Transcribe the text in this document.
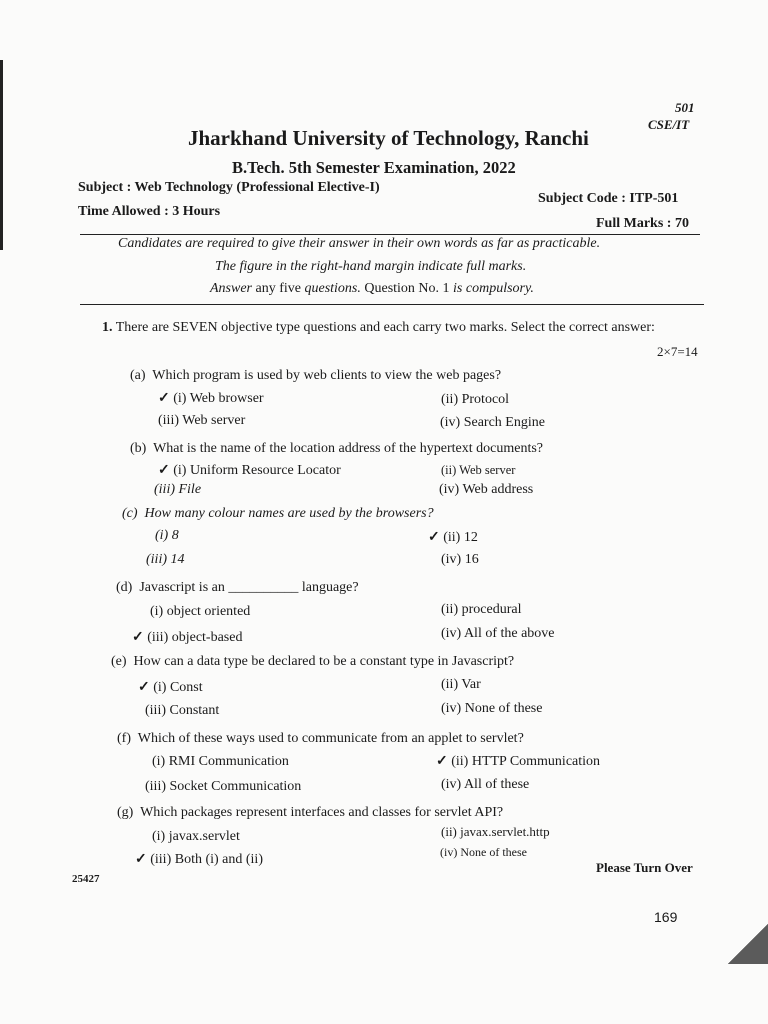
501
CSE/IT
Jharkhand University of Technology, Ranchi
B.Tech. 5th Semester Examination, 2022
Subject : Web Technology (Professional Elective-I)
Subject Code : ITP-501
Time Allowed : 3 Hours
Full Marks : 70
Candidates are required to give their answer in their own words as far as practicable.
The figure in the right-hand margin indicate full marks.
Answer any five questions. Question No. 1 is compulsory.
1. There are SEVEN objective type questions and each carry two marks. Select the correct answer:
2×7=14
(a) Which program is used by web clients to view the web pages?
✓ (i) Web browser	(ii) Protocol
(iii) Web server	(iv) Search Engine
(b) What is the name of the location address of the hypertext documents?
✓ (i) Uniform Resource Locator	(ii) Web server
(iii) File	(iv) Web address
(c) How many colour names are used by the browsers?
(i) 8	✓ (ii) 12
(iii) 14	(iv) 16
(d) Javascript is an __________ language?
(i) object oriented	(ii) procedural
✓ (iii) object-based	(iv) All of the above
(e) How can a data type be declared to be a constant type in Javascript?
✓ (i) Const	(ii) Var
(iii) Constant	(iv) None of these
(f) Which of these ways used to communicate from an applet to servlet?
(i) RMI Communication	✓ (ii) HTTP Communication
(iii) Socket Communication	(iv) All of these
(g) Which packages represent interfaces and classes for servlet API?
(i) javax.servlet	(ii) javax.servlet.http
✓ (iii) Both (i) and (ii)	(iv) None of these
25427
Please Turn Over
169
